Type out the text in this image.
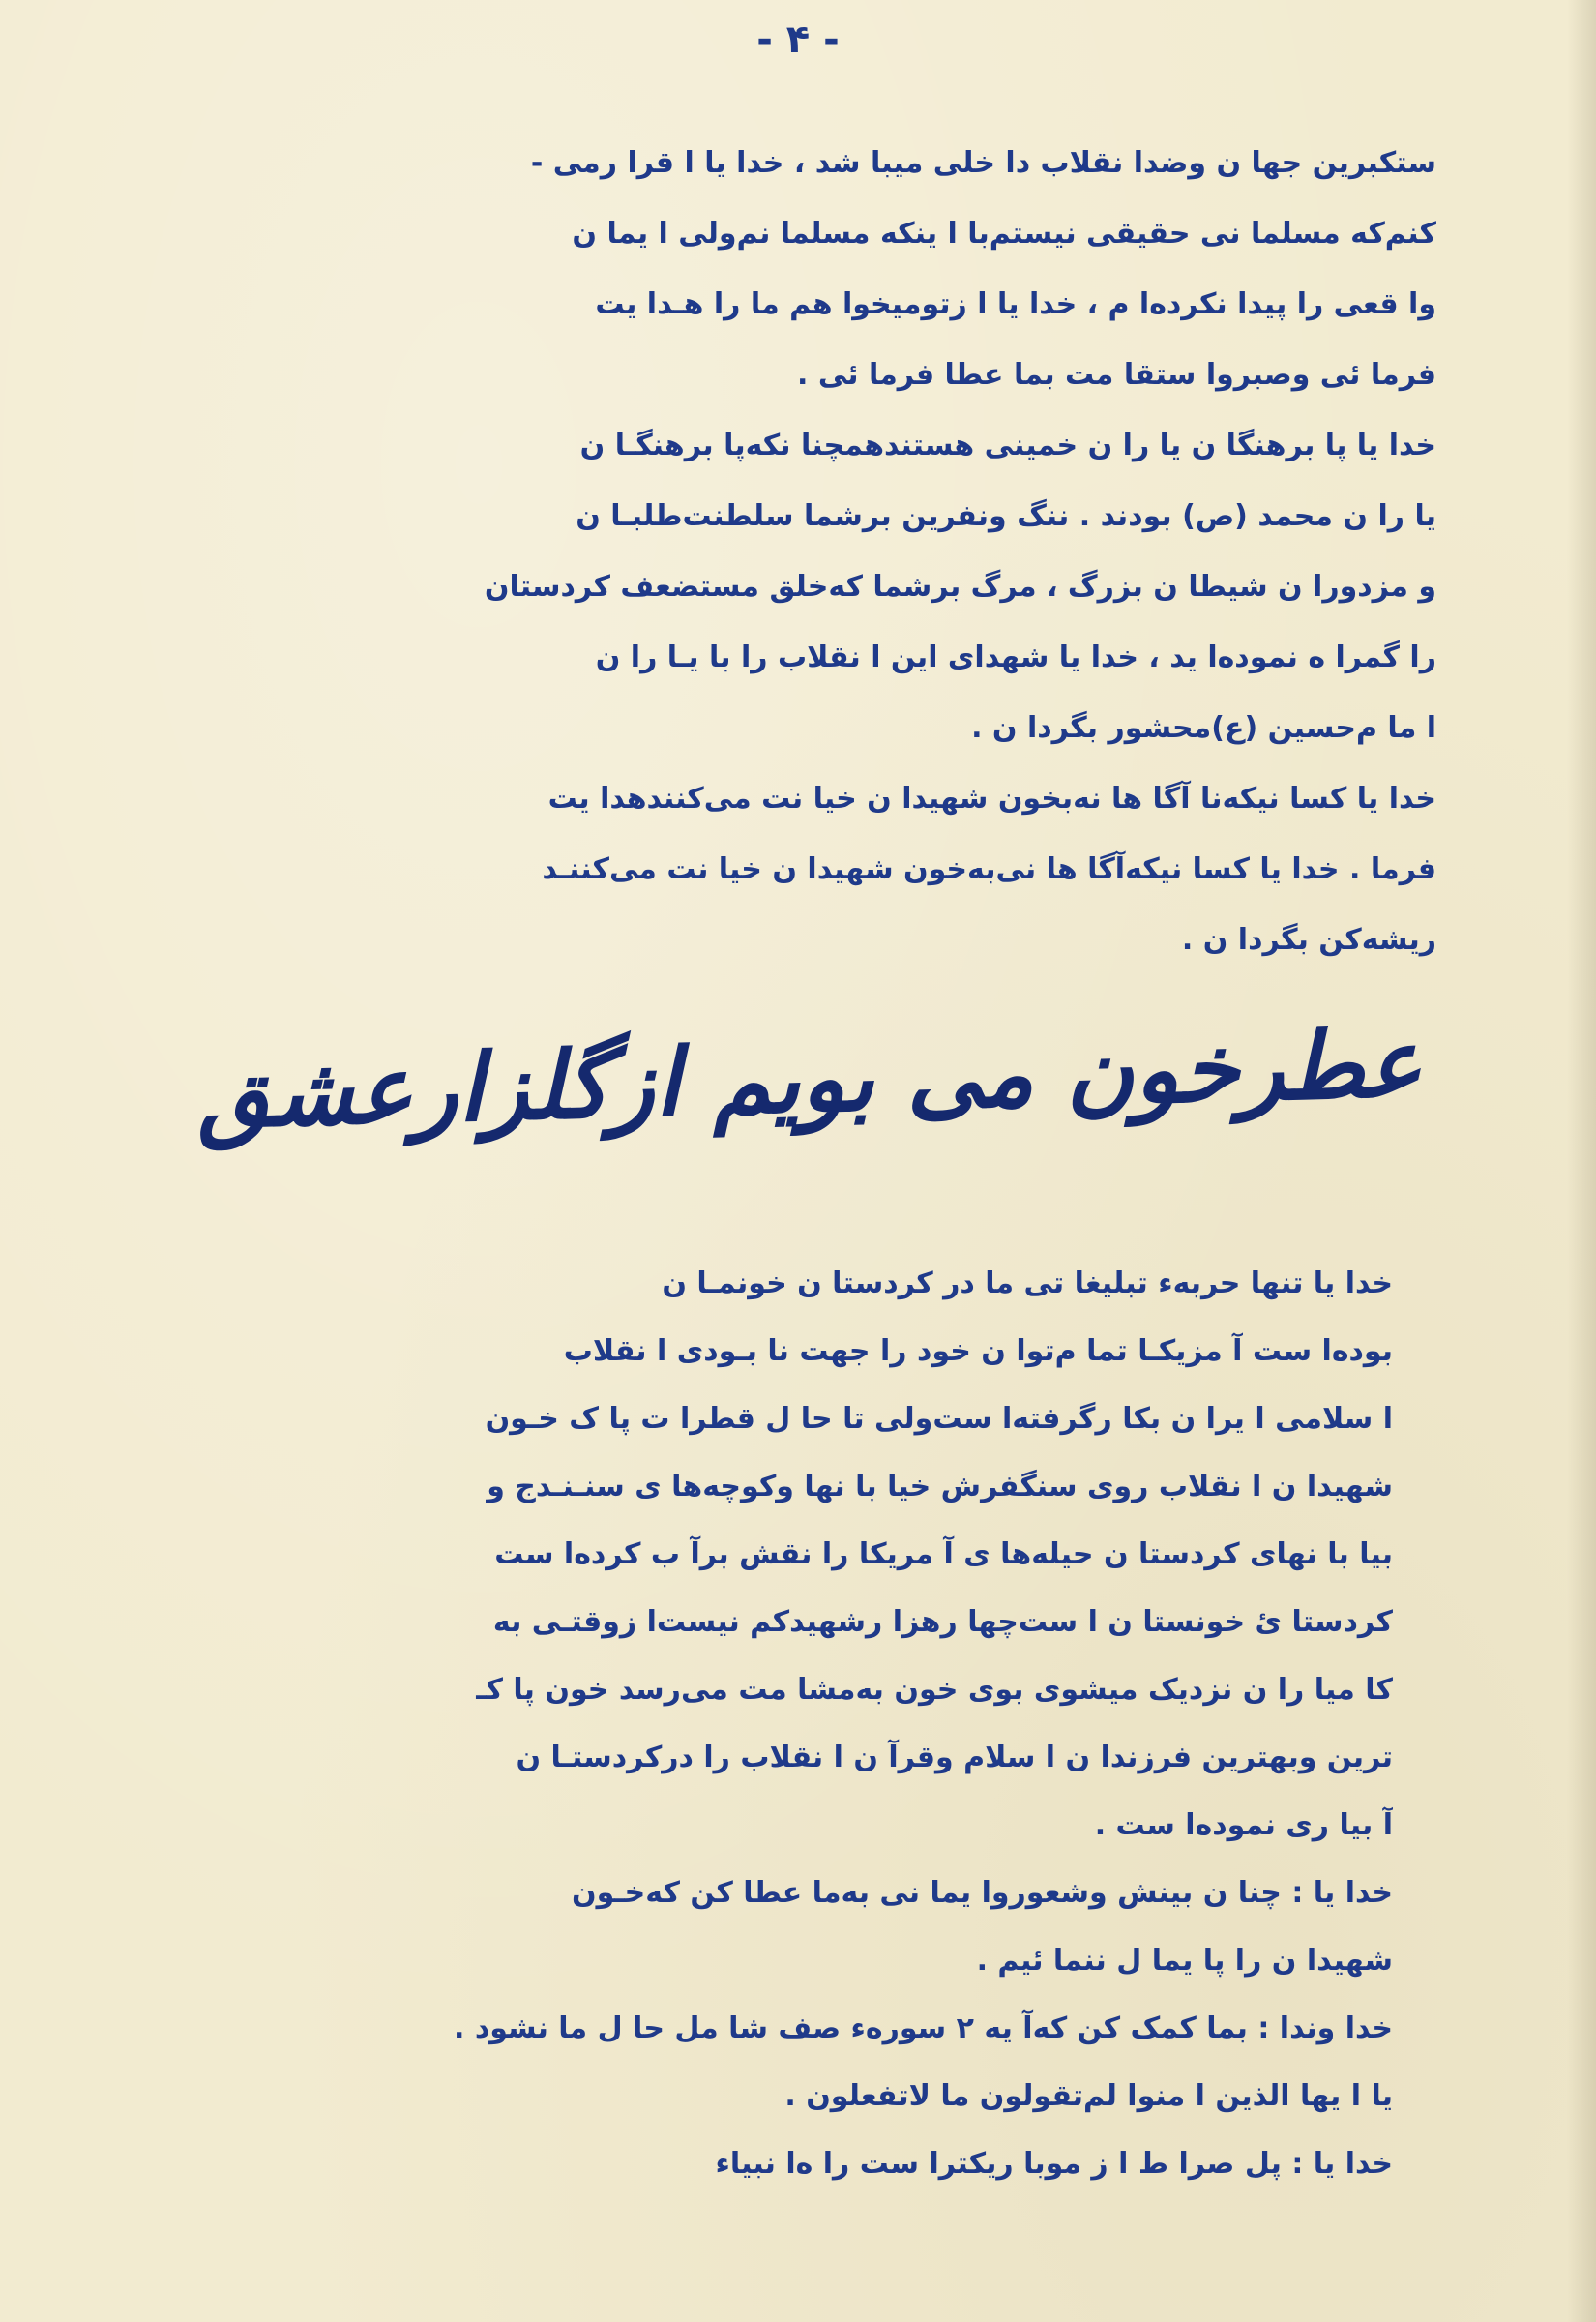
- ۴ -
ستکبرین جها ن وضدا نقلاب دا خلی میبا شد ، خدا یا ا قرا رمی -
کنم‌که مسلما نی حقیقی نیستم‌با ا ینکه مسلما نم‌ولی ا یما ن
وا قعی را پیدا نکرده‌ا م ، خدا یا ا زتومیخوا هم ما را هـدا یت
فرما ئی وصبروا ستقا مت بما عطا فرما ئی .
خدا یا پا برهنگا ن یا را ن خمینی هستندهمچنا نکه‌پا برهنگـا ن
یا را ن محمد (ص) بودند . ننگ ونفرین برشما سلطنت‌طلبـا ن
و مزدورا ن شیطا ن بزرگ ، مرگ برشما که‌خلق مستضعف کردستان
را گمرا ه نموده‌ا ید ، خدا یا شهدای این ا نقلاب را با یـا را ن
ا ما م‌حسین (ع)محشور بگردا ن .
خدا یا کسا نیکه‌نا آگا ها نه‌بخون شهیدا ن خیا نت می‌کنندهدا یت
فرما . خدا یا کسا نیکه‌آگا ها نی‌به‌خون شهیدا ن خیا نت می‌کننـد
ریشه‌کن بگردا ن .
عطرخون می بویم ازگلزارعشق
خدا یا تنها حربه‌ء تبلیغا تی ما در کردستا ن خونمـا ن
بوده‌ا ست آ مزیکـا تما م‌توا ن خود را جهت نا بـودی ا نقلاب
ا سلامی ا یرا ن بکا رگرفته‌ا ست‌ولی تا حا ل قطرا ت پا ک خـون
شهیدا ن ا نقلاب روی سنگفرش خیا با نها وکوچه‌ها ی سنـنـدج و
بیا با نهای کردستا ن حیله‌ها ی آ مریکا را نقش برآ ب کرده‌ا ست
کردستا ئ خونستا ن ا ست‌چها رهزا رشهیدکم نیست‌ا زوقتـی به
کا میا را ن نزدیک میشوی بوی خون به‌مشا مت می‌رسد خون پا کـ
ترین وبهترین فرزندا ن ا سلام وقرآ ن ا نقلاب را درکردستـا ن
آ بیا ری نموده‌ا ست .
خدا یا : چنا ن بینش وشعوروا یما نی به‌ما عطا کن که‌خـون
شهیدا ن را پا یما ل ننما ئیم .
خدا وندا : بما کمک کن که‌آ یه‌ ۲ سوره‌ء صف شا مل حا ل ما نشود .
یا ا یها الذین ا منوا لم‌تقولون ما لاتفعلون .
خدا یا : پل صرا ط ا ز موبا ریکترا ست را ه‌ا نبیاء
